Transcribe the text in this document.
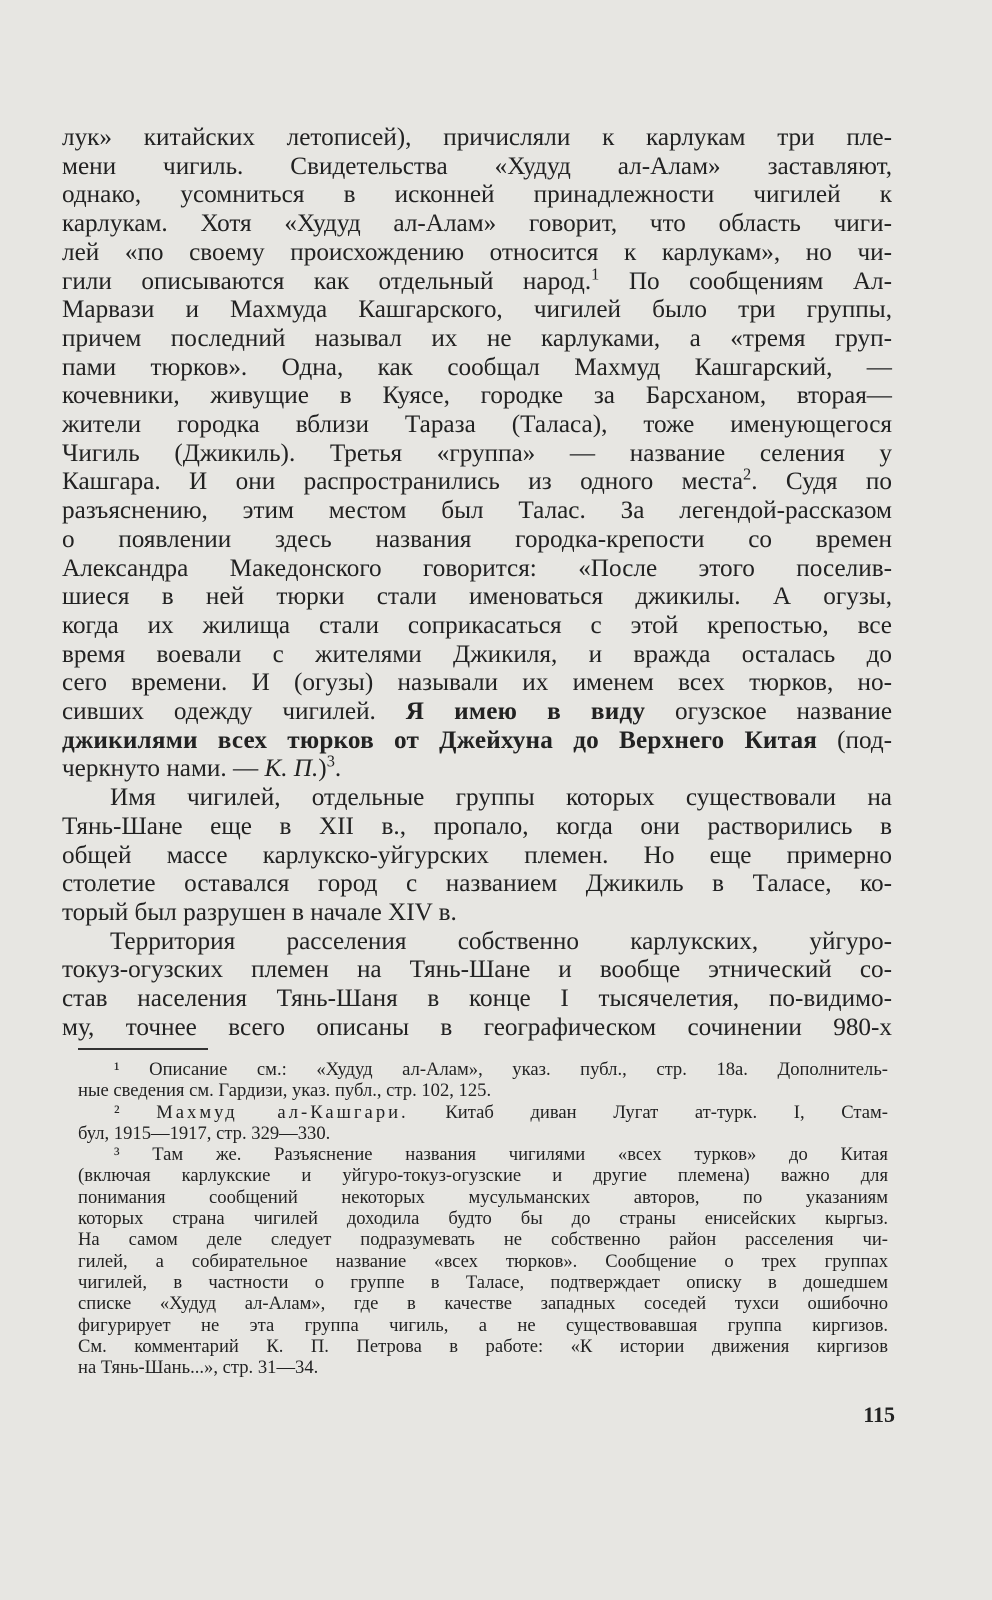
лук» китайских летописей), причисляли к карлукам три пле-
мени чигиль. Свидетельства «Худуд ал-Алам» заставляют,
однако, усомниться в исконней принадлежности чигилей к
карлукам. Хотя «Худуд ал-Алам» говорит, что область чиги-
лей «по своему происхождению относится к карлукам», но чи-
гили описываются как отдельный народ.$^1$ По сообщениям Ал-
Марвази и Махмуда Кашгарского, чигилей было три группы,
причем последний называл их не карлуками, а «тремя груп-
пами тюрков». Одна, как сообщал Махмуд Кашгарский, —
кочевники, живущие в Куясе, городке за Барсханом, вторая—
жители городка вблизи Тараза (Таласа), тоже именующегося
Чигиль (Джикиль). Третья «группа» — название селения у
Кашгара. И они распространились из одного места$^2$. Судя по
разъяснению, этим местом был Талас. За легендой-рассказом
о появлении здесь названия городка-крепости со времен
Александра Македонского говорится: «После этого поселив-
шиеся в ней тюрки стали именоваться джикилы. А огузы,
когда их жилища стали соприкасаться с этой крепостью, все
время воевали с жителями Джикиля, и вражда осталась до
сего времени. И (огузы) называли их именем всех тюрков, но-
сивших одежду чигилей. Я имею в виду огузское название
джикилями всех тюрков от Джейхуна до Верхнего Китая (под-
черкнуто нами. — К. П.)$^3$.

Имя чигилей, отдельные группы которых существовали на
Тянь-Шане еще в XII в., пропало, когда они растворились в
общей массе карлукско-уйгурских племен. Но еще примерно
столетие оставался город с названием Джикиль в Таласе, ко-
торый был разрушен в начале XIV в.

Территория расселения собственно карлукских, уйгуро-
токуз-огузских племен на Тянь-Шане и вообще этнический со-
став населения Тянь-Шаня в конце I тысячелетия, по-видимо-
му, точнее всего описаны в географическом сочинении 980-х

¹ Описание см.: «Худуд ал-Алам», указ. публ., стр. 18а. Дополнитель-
ные сведения см. Гардизи, указ. публ., стр. 102, 125.
² Махмуд ал-Кашгари. Китаб диван Лугат ат-турк. I, Стам-
бул, 1915—1917, стр. 329—330.
³ Там же. Разъяснение названия чигилями «всех турков» до Китая
(включая карлукские и уйгуро-токуз-огузские и другие племена) важно для
понимания сообщений некоторых мусульманских авторов, по указаниям
которых страна чигилей доходила будто бы до страны енисейских кыргыз.
На самом деле следует подразумевать не собственно район расселения чи-
гилей, а собирательное название «всех тюрков». Сообщение о трех группах
чигилей, в частности о группе в Таласе, подтверждает описку в дошедшем
списке «Худуд ал-Алам», где в качестве западных соседей тухси ошибочно
фигурирует не эта группа чигиль, а не существовавшая группа киргизов.
См. комментарий К. П. Петрова в работе: «К истории движения киргизов
на Тянь-Шань...», стр. 31—34.
115
